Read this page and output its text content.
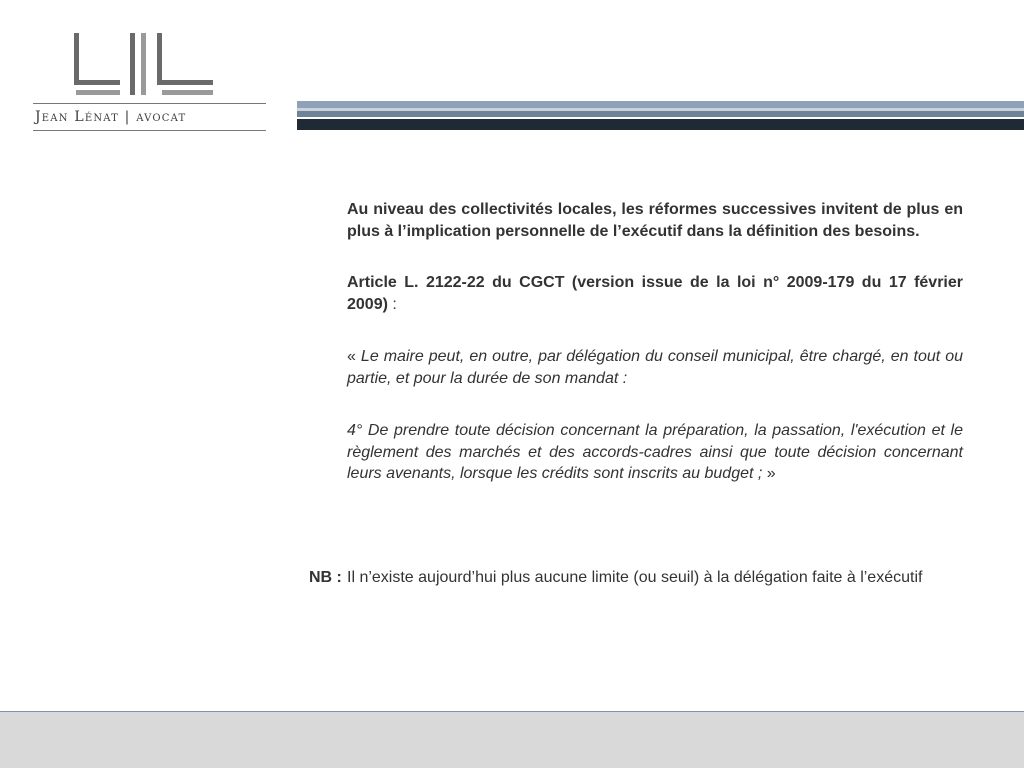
Jean Lénat | avocat

Au niveau des collectivités locales, les réformes successives invitent de plus en plus à l’implication personnelle de l’exécutif dans la définition des besoins.

Article L. 2122-22 du CGCT (version issue de la loi n° 2009-179 du 17 février 2009) :

« Le maire peut, en outre, par délégation du conseil municipal, être chargé, en tout ou partie, et pour la durée de son mandat :

4° De prendre toute décision concernant la préparation, la passation, l'exécution et le règlement des marchés et des accords-cadres ainsi que toute décision concernant leurs avenants, lorsque les crédits sont inscrits au budget ; »

NB : Il n’existe aujourd’hui plus aucune limite (ou seuil) à la délégation faite à l’exécutif
